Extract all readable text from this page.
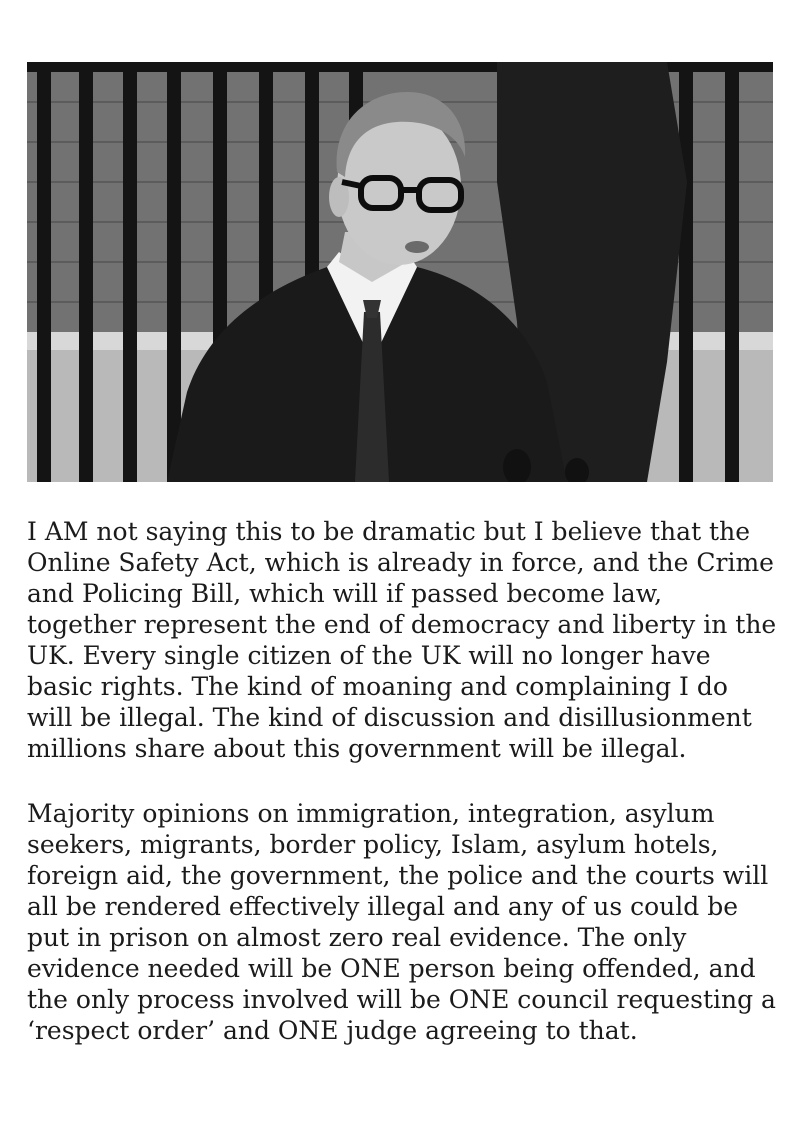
I AM not saying this to be dramatic but I believe that the Online Safety Act, which is already in force, and the Crime and Policing Bill, which will if passed become law, together represent the end of democracy and liberty in the UK. Every single citizen of the UK will no longer have basic rights. The kind of moaning and complaining I do will be illegal. The kind of discussion and disillusionment millions share about this government will be illegal.

Majority opinions on immigration, integration, asylum seekers, migrants, border policy, Islam, asylum hotels, foreign aid, the government, the police and the courts will all be rendered effectively illegal and any of us could be put in prison on almost zero real evidence. The only evidence needed will be ONE person being offended, and the only process involved will be ONE council requesting a ‘respect order’ and ONE judge agreeing to that.
